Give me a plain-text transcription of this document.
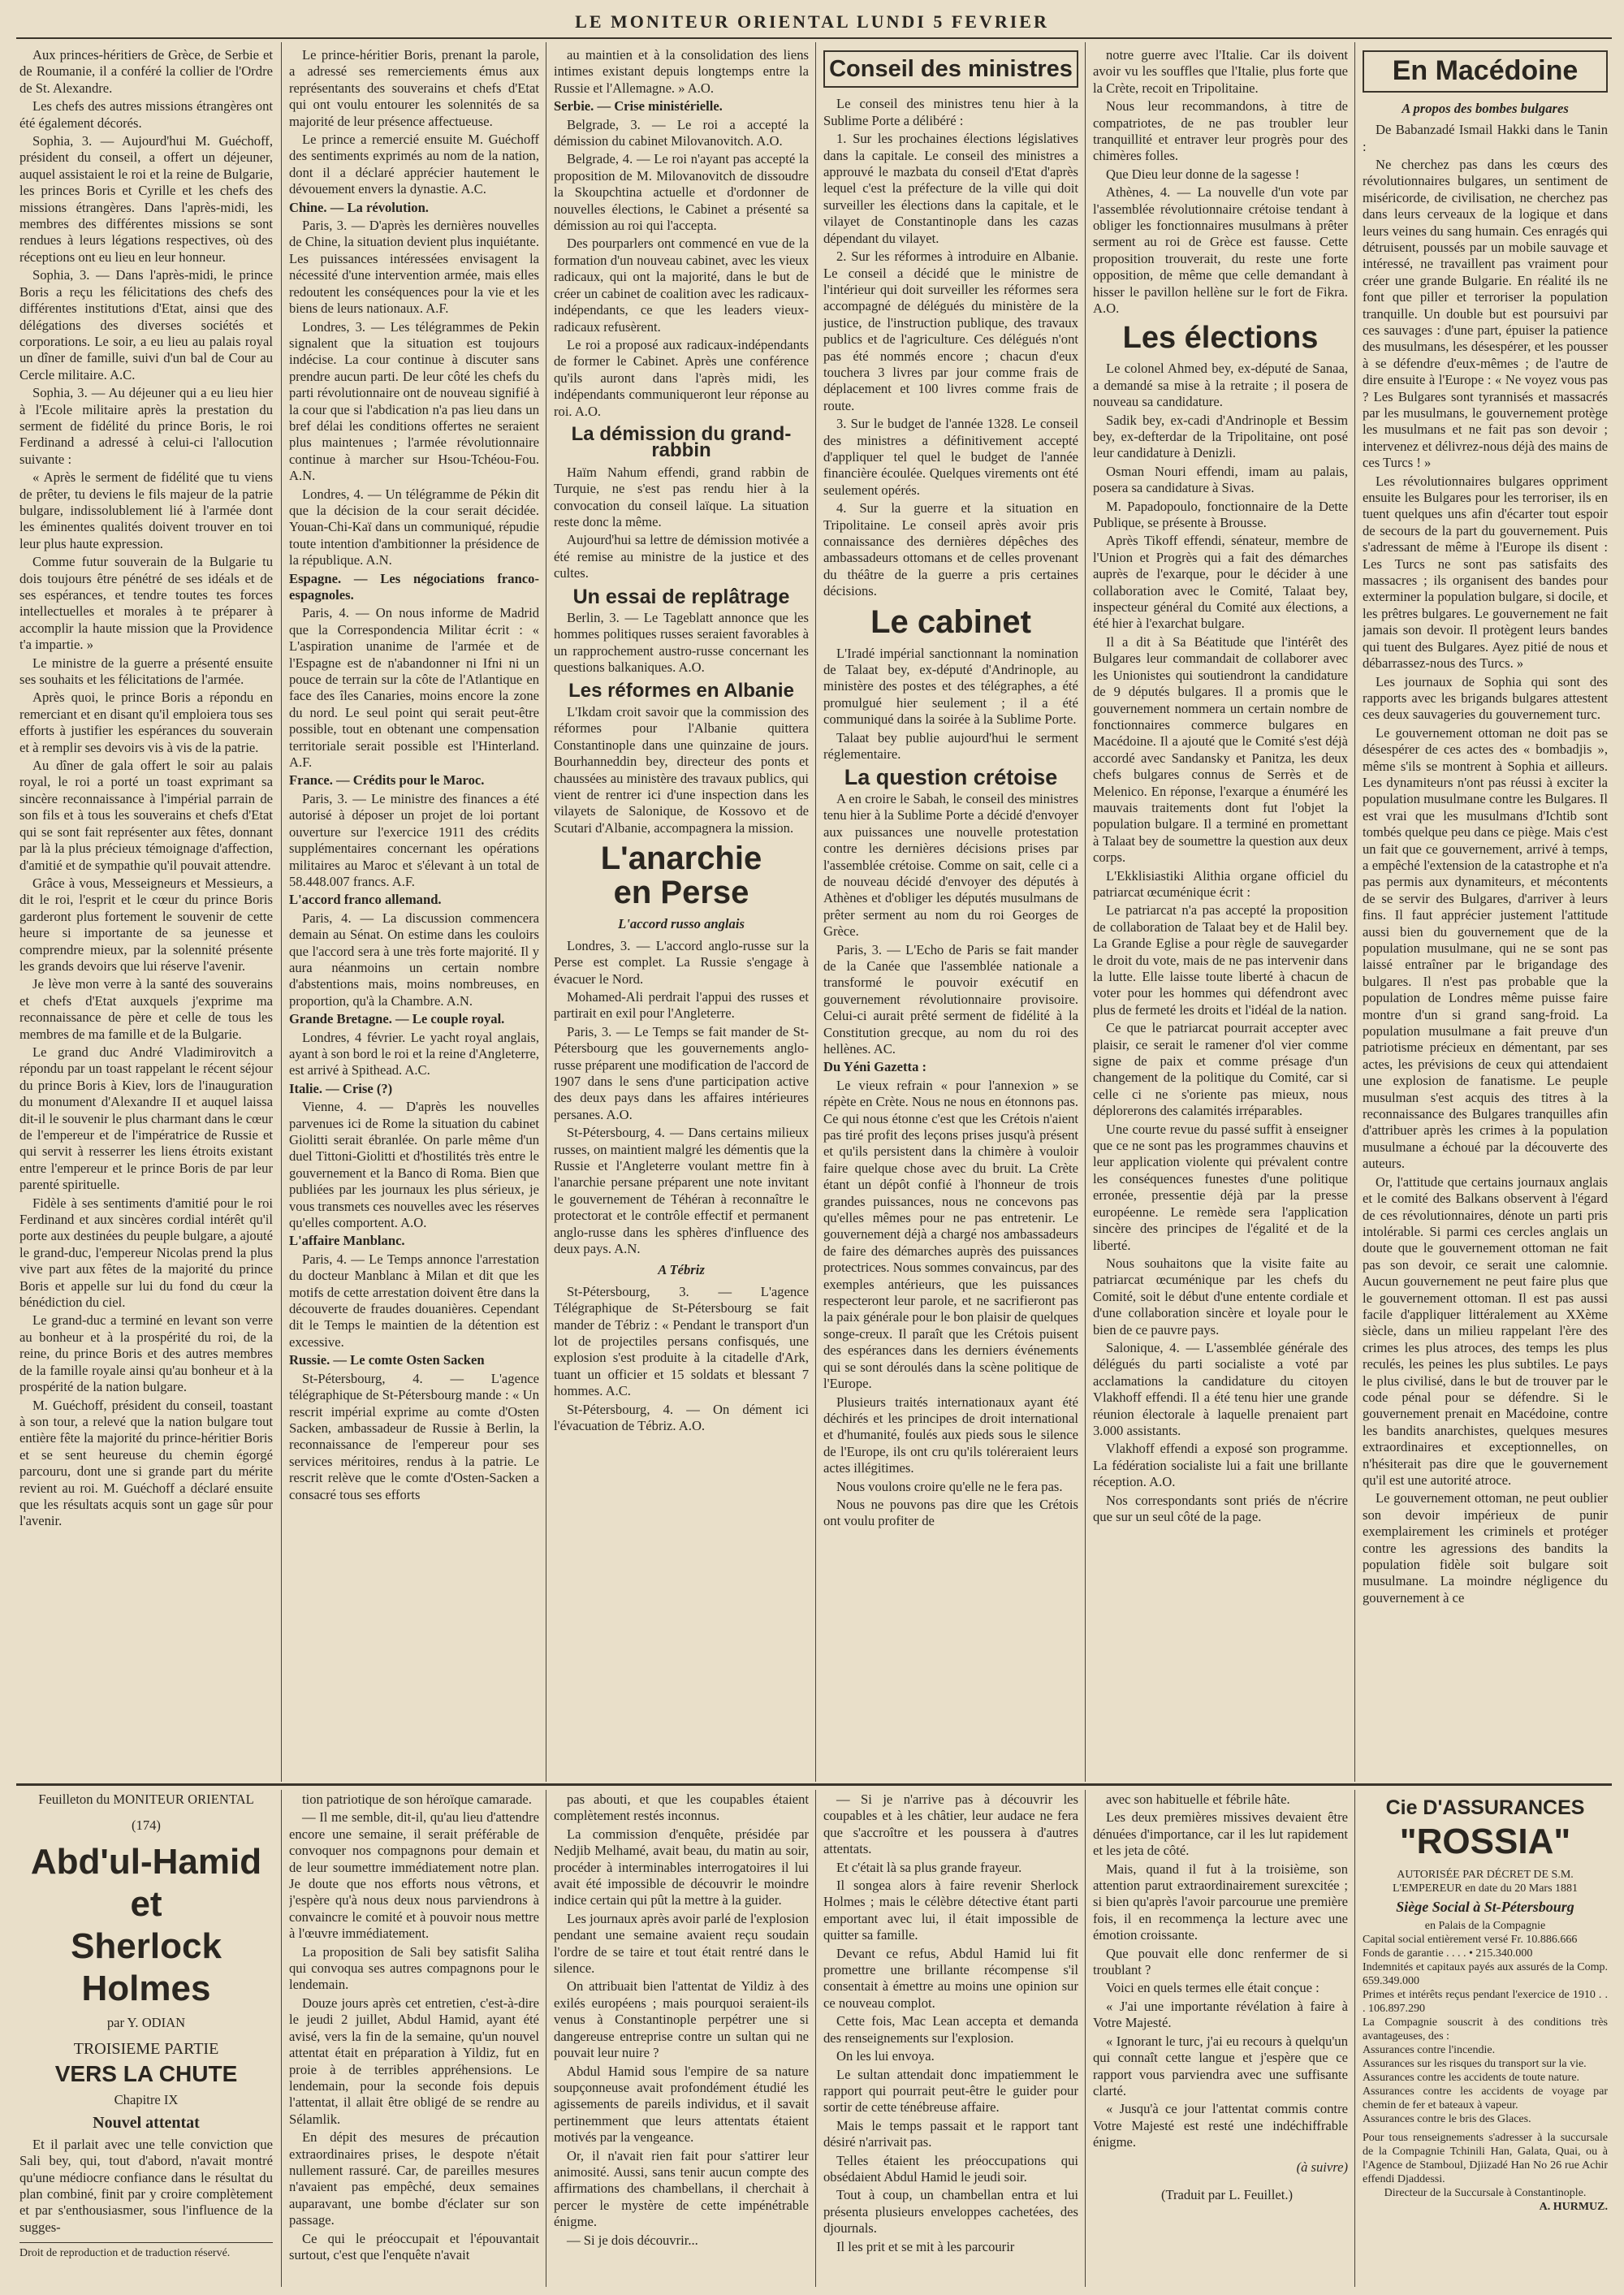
LE MONITEUR ORIENTAL LUNDI 5 FEVRIER

Aux princes-héritiers de Grèce, de Serbie et de Roumanie, il a conféré la collier de l'Ordre de St. Alexandre.

Les chefs des autres missions étrangères ont été également décorés.

Sophia, 3. — Aujourd'hui M. Guéchoff, président du conseil, a offert un déjeuner, auquel assistaient le roi et la reine de Bulgarie, les princes Boris et Cyrille et les chefs des missions étrangères. Dans l'après-midi, les membres des différentes missions se sont rendues à leurs légations respectives, où des réceptions ont eu lieu en leur honneur.

Sophia, 3. — Dans l'après-midi, le prince Boris a reçu les félicitations des chefs des différentes institutions d'Etat, ainsi que des délégations des diverses sociétés et corporations. Le soir, a eu lieu au palais royal un dîner de famille, suivi d'un bal de Cour au Cercle militaire. A.C.

Sophia, 3. — Au déjeuner qui a eu lieu hier à l'Ecole militaire après la prestation du serment de fidélité du prince Boris, le roi Ferdinand a adressé à celui-ci l'allocution suivante :

« Après le serment de fidélité que tu viens de prêter, tu deviens le fils majeur de la patrie bulgare, indissolublement lié à l'armée dont les éminentes qualités doivent trouver en toi leur plus haute expression.

Comme futur souverain de la Bulgarie tu dois toujours être pénétré de ses idéals et de ses espérances, et tendre toutes tes forces intellectuelles et morales à te préparer à accomplir la haute mission que la Providence t'a impartie. »

Le ministre de la guerre a présenté ensuite ses souhaits et les félicitations de l'armée.

Après quoi, le prince Boris a répondu en remerciant et en disant qu'il emploiera tous ses efforts à justifier les espérances du souverain et à remplir ses devoirs vis à vis de la patrie.

Au dîner de gala offert le soir au palais royal, le roi a porté un toast exprimant sa sincère reconnaissance à l'impérial parrain de son fils et à tous les souverains et chefs d'Etat qui se sont fait représenter aux fêtes, donnant par là la plus précieux témoignage d'affection, d'amitié et de sympathie qu'il pouvait attendre.

Grâce à vous, Messeigneurs et Messieurs, a dit le roi, l'esprit et le cœur du prince Boris garderont plus fortement le souvenir de cette heure si importante de sa jeunesse et comprendre mieux, par la solennité présente les grands devoirs que lui réserve l'avenir.

Je lève mon verre à la santé des souverains et chefs d'Etat auxquels j'exprime ma reconnaissance de père et celle de tous les membres de ma famille et de la Bulgarie.

Le grand duc André Vladimirovitch a répondu par un toast rappelant le récent séjour du prince Boris à Kiev, lors de l'inauguration du monument d'Alexandre II et auquel laissa dit-il le souvenir le plus charmant dans le cœur de l'empereur et de l'impératrice de Russie et qui servit à resserrer les liens étroits existant entre l'empereur et le prince Boris de par leur parenté spirituelle.

Fidèle à ses sentiments d'amitié pour le roi Ferdinand et aux sincères cordial intérêt qu'il porte aux destinées du peuple bulgare, a ajouté le grand-duc, l'empereur Nicolas prend la plus vive part aux fêtes de la majorité du prince Boris et appelle sur lui du fond du cœur la bénédiction du ciel.

Le grand-duc a terminé en levant son verre au bonheur et à la prospérité du roi, de la reine, du prince Boris et des autres membres de la famille royale ainsi qu'au bonheur et à la prospérité de la nation bulgare.

M. Guéchoff, président du conseil, toastant à son tour, a relevé que la nation bulgare tout entière fête la majorité du prince-héritier Boris et se sent heureuse du chemin égorgé parcouru, dont une si grande part du mérite revient au roi. M. Guéchoff a déclaré ensuite que les résultats acquis sont un gage sûr pour l'avenir.

Le prince-héritier Boris, prenant la parole, a adressé ses remerciements émus aux représentants des souverains et chefs d'Etat qui ont voulu entourer les solennités de sa majorité de leur présence affectueuse.

Le prince a remercié ensuite M. Guéchoff des sentiments exprimés au nom de la nation, dont il a déclaré apprécier hautement le dévouement envers la dynastie. A.C.

Chine. — La révolution.

Paris, 3. — D'après les dernières nouvelles de Chine, la situation devient plus inquiétante. Les puissances intéressées envisagent la nécessité d'une intervention armée, mais elles redoutent les conséquences pour la vie et les biens de leurs nationaux. A.F.

Londres, 3. — Les télégrammes de Pekin signalent que la situation est toujours indécise. La cour continue à discuter sans prendre aucun parti. De leur côté les chefs du parti révolutionnaire ont de nouveau signifié à la cour que si l'abdication n'a pas lieu dans un bref délai les conditions offertes ne seraient plus maintenues ; l'armée révolutionnaire continue à marcher sur Hsou-Tchéou-Fou. A.N.

Londres, 4. — Un télégramme de Pékin dit que la décision de la cour serait décidée. Youan-Chi-Kaï dans un communiqué, répudie toute intention d'ambitionner la présidence de la république. A.N.

Espagne. — Les négociations franco-espagnoles.

Paris, 4. — On nous informe de Madrid que la Correspondencia Militar écrit : « L'aspiration unanime de l'armée et de l'Espagne est de n'abandonner ni Ifni ni un pouce de terrain sur la côte de l'Atlantique en face des îles Canaries, moins encore la zone du nord. Le seul point qui serait peut-être possible, tout en obtenant une compensation territoriale serait possible est l'Hinterland. A.F.

France. — Crédits pour le Maroc.

Paris, 3. — Le ministre des finances a été autorisé à déposer un projet de loi portant ouverture sur l'exercice 1911 des crédits supplémentaires concernant les opérations militaires au Maroc et s'élevant à un total de 58.448.007 francs. A.F.

L'accord franco allemand.

Paris, 4. — La discussion commencera demain au Sénat. On estime dans les couloirs que l'accord sera à une très forte majorité. Il y aura néanmoins un certain nombre d'abstentions mais, moins nombreuses, en proportion, qu'à la Chambre. A.N.

Grande Bretagne. — Le couple royal.

Londres, 4 février. Le yacht royal anglais, ayant à son bord le roi et la reine d'Angleterre, est arrivé à Spithead. A.C.

Italie. — Crise (?)

Vienne, 4. — D'après les nouvelles parvenues ici de Rome la situation du cabinet Giolitti serait ébranlée. On parle même d'un duel Tittoni-Giolitti et d'hostilités très entre le gouvernement et la Banco di Roma. Bien que publiées par les journaux les plus sérieux, je vous transmets ces nouvelles avec les réserves qu'elles comportent. A.O.

L'affaire Manblanc.

Paris, 4. — Le Temps annonce l'arrestation du docteur Manblanc à Milan et dit que les motifs de cette arrestation doivent être dans la découverte de fraudes douanières. Cependant dit le Temps le maintien de la détention est excessive.

Russie. — Le comte Osten Sacken

St-Pétersbourg, 4. — L'agence télégraphique de St-Pétersbourg mande : « Un rescrit impérial exprime au comte d'Osten Sacken, ambassadeur de Russie à Berlin, la reconnaissance de l'empereur pour ses services méritoires, rendus à la patrie. Le rescrit relève que le comte d'Osten-Sacken a consacré tous ses efforts

au maintien et à la consolidation des liens intimes existant depuis longtemps entre la Russie et l'Allemagne. » A.O.

Serbie. — Crise ministérielle.

Belgrade, 3. — Le roi a accepté la démission du cabinet Milovanovitch. A.O.

Belgrade, 4. — Le roi n'ayant pas accepté la proposition de M. Milovanovitch de dissoudre la Skoupchtina actuelle et d'ordonner de nouvelles élections, le Cabinet a présenté sa démission au roi qui l'accepta.

Des pourparlers ont commencé en vue de la formation d'un nouveau cabinet, avec les vieux radicaux, qui ont la majorité, dans le but de créer un cabinet de coalition avec les radicaux-indépendants, ce que les leaders vieux-radicaux refusèrent.

Le roi a proposé aux radicaux-indépendants de former le Cabinet. Après une conférence qu'ils auront dans l'après midi, les indépendants communiqueront leur réponse au roi. A.O.

La démission du grand-rabbin

Haïm Nahum effendi, grand rabbin de Turquie, ne s'est pas rendu hier à la convocation du conseil laïque. La situation reste donc la même.

Aujourd'hui sa lettre de démission motivée a été remise au ministre de la justice et des cultes.

Un essai de replâtrage

Berlin, 3. — Le Tageblatt annonce que les hommes politiques russes seraient favorables à un rapprochement austro-russe concernant les questions balkaniques. A.O.

Les réformes en Albanie

L'Ikdam croit savoir que la commission des réformes pour l'Albanie quittera Constantinople dans une quinzaine de jours. Bourhanneddin bey, directeur des ponts et chaussées au ministère des travaux publics, qui vient de rentrer ici d'une inspection dans les vilayets de Salonique, de Kossovo et de Scutari d'Albanie, accompagnera la mission.

L'anarchie
en Perse
L'accord russo anglais

Londres, 3. — L'accord anglo-russe sur la Perse est complet. La Russie s'engage à évacuer le Nord.

Mohamed-Ali perdrait l'appui des russes et partirait en exil pour l'Angleterre.

Paris, 3. — Le Temps se fait mander de St-Pétersbourg que les gouvernements anglo-russe préparent une modification de l'accord de 1907 dans le sens d'une participation active des deux pays dans les affaires intérieures persanes. A.O.

St-Pétersbourg, 4. — Dans certains milieux russes, on maintient malgré les démentis que la Russie et l'Angleterre voulant mettre fin à l'anarchie persane préparent une note invitant le gouvernement de Téhéran à reconnaître le protectorat et le contrôle effectif et permanent anglo-russe dans les sphères d'influence des deux pays. A.N.

A Tébriz

St-Pétersbourg, 3. — L'agence Télégraphique de St-Pétersbourg se fait mander de Tébriz : « Pendant le transport d'un lot de projectiles persans confisqués, une explosion s'est produite à la citadelle d'Ark, tuant un officier et 15 soldats et blessant 7 hommes. A.C.

St-Pétersbourg, 4. — On dément ici l'évacuation de Tébriz. A.O.

Conseil des ministres

Le conseil des ministres tenu hier à la Sublime Porte a délibéré :

1. Sur les prochaines élections législatives dans la capitale. Le conseil des ministres a approuvé le mazbata du conseil d'Etat d'après lequel c'est la préfecture de la ville qui doit surveiller les élections dans la capitale, et le vilayet de Constantinople dans les cazas dépendant du vilayet.

2. Sur les réformes à introduire en Albanie. Le conseil a décidé que le ministre de l'intérieur qui doit surveiller les réformes sera accompagné de délégués du ministère de la justice, de l'instruction publique, des travaux publics et de l'agriculture. Ces délégués n'ont pas été nommés encore ; chacun d'eux touchera 3 livres par jour comme frais de déplacement et 100 livres comme frais de route.

3. Sur le budget de l'année 1328. Le conseil des ministres a définitivement accepté d'appliquer tel quel le budget de l'année financière écoulée. Quelques virements ont été seulement opérés.

4. Sur la guerre et la situation en Tripolitaine. Le conseil après avoir pris connaissance des dernières dépêches des ambassadeurs ottomans et de celles provenant du théâtre de la guerre a pris certaines décisions.

Le cabinet

L'Iradé impérial sanctionnant la nomination de Talaat bey, ex-député d'Andrinople, au ministère des postes et des télégraphes, a été promulgué hier seulement ; il a été communiqué dans la soirée à la Sublime Porte.

Talaat bey publie aujourd'hui le serment réglementaire.

La question crétoise

A en croire le Sabah, le conseil des ministres tenu hier à la Sublime Porte a décidé d'envoyer aux puissances une nouvelle protestation contre les dernières décisions prises par l'assemblée crétoise. Comme on sait, celle ci a de nouveau décidé d'envoyer des députés à Athènes et d'obliger les députés musulmans de prêter serment au nom du roi Georges de Grèce.

Paris, 3. — L'Echo de Paris se fait mander de la Canée que l'assemblée nationale a transformé le pouvoir exécutif en gouvernement révolutionnaire provisoire. Celui-ci aurait prêté serment de fidélité à la Constitution grecque, au nom du roi des hellènes. AC.

Du Yéni Gazetta :

Le vieux refrain « pour l'annexion » se répète en Crète. Nous ne nous en étonnons pas. Ce qui nous étonne c'est que les Crétois n'aient pas tiré profit des leçons prises jusqu'à présent et qu'ils persistent dans la chimère à vouloir faire quelque chose avec du bruit. La Crète étant un dépôt confié à l'honneur de trois grandes puissances, nous ne concevons pas qu'elles mêmes pour ne pas entretenir. Le gouvernement déjà a chargé nos ambassadeurs de faire des démarches auprès des puissances protectrices. Nous sommes convaincus, par des exemples antérieurs, que les puissances respecteront leur parole, et ne sacrifieront pas la paix générale pour le bon plaisir de quelques songe-creux. Il paraît que les Crétois puisent des espérances dans les derniers événements qui se sont déroulés dans la scène politique de l'Europe.

Plusieurs traités internationaux ayant été déchirés et les principes de droit international et d'humanité, foulés aux pieds sous le silence de l'Europe, ils ont cru qu'ils toléreraient leurs actes illégitimes.

Nous voulons croire qu'elle ne le fera pas.

Nous ne pouvons pas dire que les Crétois ont voulu profiter de

notre guerre avec l'Italie. Car ils doivent avoir vu les souffles que l'Italie, plus forte que la Crète, recoit en Tripolitaine.

Nous leur recommandons, à titre de compatriotes, de ne pas troubler leur tranquillité et entraver leur progrès pour des chimères folles.

Que Dieu leur donne de la sagesse !

Athènes, 4. — La nouvelle d'un vote par l'assemblée révolutionnaire crétoise tendant à obliger les fonctionnaires musulmans à prêter serment au roi de Grèce est fausse. Cette proposition trouverait, du reste une forte opposition, de même que celle demandant à hisser le pavillon hellène sur le fort de Fikra. A.O.

Les élections

Le colonel Ahmed bey, ex-député de Sanaa, a demandé sa mise à la retraite ; il posera de nouveau sa candidature.

Sadik bey, ex-cadi d'Andrinople et Bessim bey, ex-defterdar de la Tripolitaine, ont posé leur candidature à Denizli.

Osman Nouri effendi, imam au palais, posera sa candidature à Sivas.

M. Papadopoulo, fonctionnaire de la Dette Publique, se présente à Brousse.

Après Tikoff effendi, sénateur, membre de l'Union et Progrès qui a fait des démarches auprès de l'exarque, pour le décider à une collaboration avec le Comité, Talaat bey, inspecteur général du Comité aux élections, a été hier à l'exarchat bulgare.

Il a dit à Sa Béatitude que l'intérêt des Bulgares leur commandait de collaborer avec les Unionistes qui soutiendront la candidature de 9 députés bulgares. Il a promis que le gouvernement nommera un certain nombre de fonctionnaires commerce bulgares en Macédoine. Il a ajouté que le Comité s'est déjà accordé avec Sandansky et Panitza, les deux chefs bulgares connus de Serrès et de Melenico. En réponse, l'exarque a énuméré les mauvais traitements dont fut l'objet la population bulgare. Il a terminé en promettant à Talaat bey de soumettre la question aux deux corps.

L'Ekklisiastiki Alithia organe officiel du patriarcat œcuménique écrit :

Le patriarcat n'a pas accepté la proposition de collaboration de Talaat bey et de Halil bey. La Grande Eglise a pour règle de sauvegarder le droit du vote, mais de ne pas intervenir dans la lutte. Elle laisse toute liberté à chacun de voter pour les hommes qui défendront avec plus de fermeté les droits et l'idéal de la nation.

Ce que le patriarcat pourrait accepter avec plaisir, ce serait le ramener d'ol vier comme signe de paix et comme présage d'un changement de la politique du Comité, car si celle ci ne s'oriente pas mieux, nous déplorerons des calamités irréparables.

Une courte revue du passé suffit à enseigner que ce ne sont pas les programmes chauvins et leur application violente qui prévalent contre les conséquences funestes d'une politique erronée, pressentie déjà par la presse européenne. Le remède sera l'application sincère des principes de l'égalité et de la liberté.

Nous souhaitons que la visite faite au patriarcat œcuménique par les chefs du Comité, soit le début d'une entente cordiale et d'une collaboration sincère et loyale pour le bien de ce pauvre pays.

Salonique, 4. — L'assemblée générale des délégués du parti socialiste a voté par acclamations la candidature du citoyen Vlakhoff effendi. Il a été tenu hier une grande réunion électorale à laquelle prenaient part 3.000 assistants.

Vlakhoff effendi a exposé son programme. La fédération socialiste lui a fait une brillante réception. A.O.

Nos correspondants sont priés de n'écrire que sur un seul côté de la page.

En Macédoine
A propos des bombes bulgares

De Babanzadé Ismail Hakki dans le Tanin :

Ne cherchez pas dans les cœurs des révolutionnaires bulgares, un sentiment de miséricorde, de civilisation, ne cherchez pas dans leurs cerveaux de la logique et dans leurs veines du sang humain. Ces enragés qui détruisent, poussés par un mobile sauvage et intéressé, ne travaillent pas vraiment pour créer une grande Bulgarie. En réalité ils ne font que piller et terroriser la population tranquille. Un double but est poursuivi par ces sauvages : d'une part, épuiser la patience des musulmans, les désespérer, et les pousser à se défendre d'eux-mêmes ; de l'autre de dire ensuite à l'Europe : « Ne voyez vous pas ? Les Bulgares sont tyrannisés et massacrés par les musulmans, le gouvernement protège les musulmans et ne fait pas son devoir ; intervenez et délivrez-nous déjà des mains de ces Turcs ! »

Les révolutionnaires bulgares oppriment ensuite les Bulgares pour les terroriser, ils en tuent quelques uns afin d'écarter tout espoir de secours de la part du gouvernement. Puis s'adressant de même à l'Europe ils disent : Les Turcs ne sont pas satisfaits des massacres ; ils organisent des bandes pour exterminer la population bulgare, si docile, et les prêtres bulgares. Le gouvernement ne fait jamais son devoir. Il protègent leurs bandes qui tuent des Bulgares. Ayez pitié de nous et débarrassez-nous des Turcs. »

Les journaux de Sophia qui sont des rapports avec les brigands bulgares attestent ces deux sauvageries du gouvernement turc.

Le gouvernement ottoman ne doit pas se désespérer de ces actes des « bombadjis », même s'ils se montrent à Sophia et ailleurs. Les dynamiteurs n'ont pas réussi à exciter la population musulmane contre les Bulgares. Il est vrai que les musulmans d'Ichtib sont tombés quelque peu dans ce piège. Mais c'est un fait que ce gouvernement, arrivé à temps, a empêché l'extension de la catastrophe et n'a pas permis aux dynamiteurs, et mécontents de se servir des Bulgares, d'arriver à leurs fins. Il faut apprécier justement l'attitude aussi bien du gouvernement que de la population musulmane, qui ne se sont pas laissé entraîner par le brigandage des bulgares. Il n'est pas probable que la population de Londres même puisse faire montre d'un si grand sang-froid. La population musulmane a fait preuve d'un patriotisme précieux en démentant, par ses actes, les prévisions de ceux qui attendaient une explosion de fanatisme. Le peuple musulman s'est acquis des titres à la reconnaissance des Bulgares tranquilles afin d'attribuer après les crimes à la population musulmane a échoué par la découverte des auteurs.

Or, l'attitude que certains journaux anglais et le comité des Balkans observent à l'égard de ces révolutionnaires, dénote un parti pris intolérable. Si parmi ces cercles anglais un doute que le gouvernement ottoman ne fait pas son devoir, ce serait une calomnie. Aucun gouvernement ne peut faire plus que le gouvernement ottoman. Il est pas aussi facile d'appliquer littéralement au XXème siècle, dans un milieu rappelant l'ère des crimes les plus atroces, des temps les plus reculés, les peines les plus subtiles. Le pays le plus civilisé, dans le but de trouver par le code pénal pour se défendre. Si le gouvernement prenait en Macédoine, contre les bandits anarchistes, quelques mesures extraordinaires et exceptionnelles, on n'hésiterait pas dire que le gouvernement qu'il est une autorité atroce.

Le gouvernement ottoman, ne peut oublier son devoir impérieux de punir exemplairement les criminels et protéger contre les agressions des bandits la population fidèle soit bulgare soit musulmane. La moindre négligence du gouvernement à ce

Feuilleton du MONITEUR ORIENTAL
(174)
Abd'ul-Hamid et
Sherlock Holmes
par Y. ODIAN
TROISIEME PARTIE
VERS LA CHUTE
Chapitre IX
Nouvel attentat

Et il parlait avec une telle conviction que Sali bey, qui, tout d'abord, n'avait montré qu'une médiocre confiance dans le résultat du plan combiné, finit par y croire complètement et par s'enthousiasmer, sous l'influence de la sugges-

Droit de reproduction et de traduction réservé.

tion patriotique de son héroïque camarade.

— Il me semble, dit-il, qu'au lieu d'attendre encore une semaine, il serait préférable de convoquer nos compagnons pour demain et de leur soumettre immédiatement notre plan. Je doute que nos efforts nous vêtrons, et j'espère qu'à nous deux nous parviendrons à convaincre le comité et à pouvoir nous mettre à l'œuvre immédiatement.

La proposition de Sali bey satisfit Saliha qui convoqua ses autres compagnons pour le lendemain.

Douze jours après cet entretien, c'est-à-dire le jeudi 2 juillet, Abdul Hamid, ayant été avisé, vers la fin de la semaine, qu'un nouvel attentat était en préparation à Yildiz, fut en proie à de terribles appréhensions. Le lendemain, pour la seconde fois depuis l'attentat, il allait être obligé de se rendre au Sélamlik.

En dépit des mesures de précaution extraordinaires prises, le despote n'était nullement rassuré. Car, de pareilles mesures n'avaient pas empêché, deux semaines auparavant, une bombe d'éclater sur son passage.

Ce qui le préoccupait et l'épouvantait surtout, c'est que l'enquête n'avait

pas abouti, et que les coupables étaient complètement restés inconnus.

La commission d'enquête, présidée par Nedjib Melhamé, avait beau, du matin au soir, procéder à interminables interrogatoires il lui avait été impossible de découvrir le moindre indice certain qui pût la mettre à la guider.

Les journaux après avoir parlé de l'explosion pendant une semaine avaient reçu soudain l'ordre de se taire et tout était rentré dans le silence.

On attribuait bien l'attentat de Yildiz à des exilés européens ; mais pourquoi seraient-ils venus à Constantinople perpétrer une si dangereuse entreprise contre un sultan qui ne pouvait leur nuire ?

Abdul Hamid sous l'empire de sa nature soupçonneuse avait profondément étudié les agissements de pareils individus, et il savait pertinemment que leurs attentats étaient motivés par la vengeance.

Or, il n'avait rien fait pour s'attirer leur animosité. Aussi, sans tenir aucun compte des affirmations des chambellans, il cherchait à percer le mystère de cette impénétrable énigme.

— Si je dois découvrir...

— Si je n'arrive pas à découvrir les coupables et à les châtier, leur audace ne fera que s'accroître et les poussera à d'autres attentats.

Et c'était là sa plus grande frayeur.

Il songea alors à faire revenir Sherlock Holmes ; mais le célèbre détective étant parti emportant avec lui, il était impossible de quitter sa famille.

Devant ce refus, Abdul Hamid lui fit promettre une brillante récompense s'il consentait à émettre au moins une opinion sur ce nouveau complot.

Cette fois, Mac Lean accepta et demanda des renseignements sur l'explosion.

On les lui envoya.

Le sultan attendait donc impatiemment le rapport qui pourrait peut-être le guider pour sortir de cette ténébreuse affaire.

Mais le temps passait et le rapport tant désiré n'arrivait pas.

Telles étaient les préoccupations qui obsédaient Abdul Hamid le jeudi soir.

Tout à coup, un chambellan entra et lui présenta plusieurs enveloppes cachetées, des djournals.

Il les prit et se mit à les parcourir

avec son habituelle et fébrile hâte.

Les deux premières missives devaient être dénuées d'importance, car il les lut rapidement et les jeta de côté.

Mais, quand il fut à la troisième, son attention parut extraordinairement surexcitée ; si bien qu'après l'avoir parcourue une première fois, il en recommença la lecture avec une émotion croissante.

Que pouvait elle donc renfermer de si troublant ?

Voici en quels termes elle était conçue :

« J'ai une importante révélation à faire à Votre Majesté.

« Ignorant le turc, j'ai eu recours à quelqu'un qui connaît cette langue et j'espère que ce rapport vous parviendra avec une suffisante clarté.

« Jusqu'à ce jour l'attentat commis contre Votre Majesté est resté une indéchiffrable énigme.

(à suivre)

(Traduit par L. Feuillet.)

Cie D'ASSURANCES
"ROSSIA"
AUTORISÉE PAR DÉCRET DE S.M. L'EMPEREUR en date du 20 Mars 1881
Siège Social à St-Pétersbourg
en Palais de la Compagnie
Capital social entièrement versé Fr. 10.886.666
Fonds de garantie . . . . • 215.340.000
Indemnités et capitaux payés aux assurés de la Comp. 659.349.000
Primes et intérêts reçus pendant l'exercice de 1910 . . . 106.897.290
La Compagnie souscrit à des conditions très avantageuses, des :
Assurances contre l'incendie.
Assurances sur les risques du transport sur la vie.
Assurances contre les accidents de toute nature.
Assurances contre les accidents de voyage par chemin de fer et bateaux à vapeur.
Assurances contre le bris des Glaces.
Pour tous renseignements s'adresser à la succursale de la Compagnie Tchinili Han, Galata, Quai, ou à l'Agence de Stamboul, Djiizadé Han No 26 rue Achir effendi Djaddessi.
Directeur de la Succursale à Constantinople.
A. HURMUZ.
